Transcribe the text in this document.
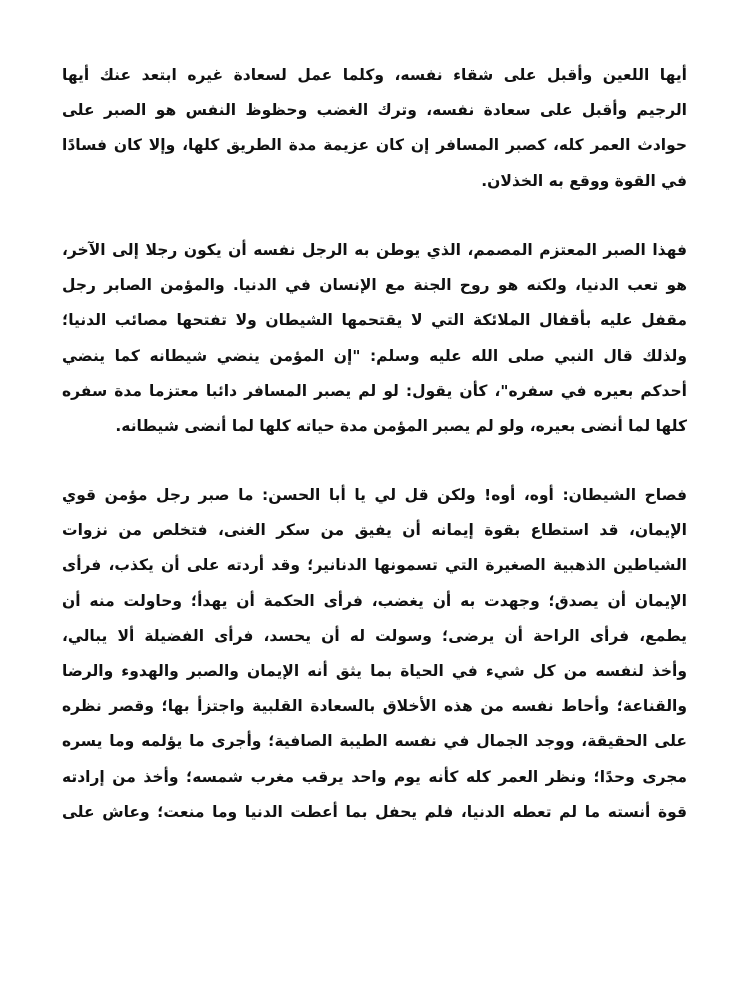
أيها اللعين وأقبل على شقاء نفسه، وكلما عمل لسعادة غيره ابتعد عنك أيها
الرجيم وأقبل على سعادة نفسه، وترك الغضب وحظوظ النفس هو الصبر على
حوادث العمر كله، كصبر المسافر إن كان عزيمة مدة الطريق كلها، وإلا كان فسادًا
في القوة ووقع به الخذلان.
فهذا الصبر المعتزم المصمم، الذي يوطن به الرجل نفسه أن يكون رجلا إلى الآخر،
هو تعب الدنيا، ولكنه هو روح الجنة مع الإنسان في الدنيا. والمؤمن الصابر رجل
مقفل عليه بأقفال الملائكة التي لا يقتحمها الشيطان ولا تفتحها مصائب الدنيا؛
ولذلك قال النبي صلى الله عليه وسلم: "إن المؤمن ينضي شيطانه كما ينضي
أحدكم بعيره في سفره"، كأن يقول: لو لم يصبر المسافر دائبا معتزما مدة سفره
كلها لما أنضى بعيره، ولو لم يصبر المؤمن مدة حياته كلها لما أنضى شيطانه.
فصاح الشيطان: أوه، أوه! ولكن قل لي يا أبا الحسن: ما صبر رجل مؤمن قوي
الإيمان، قد استطاع بقوة إيمانه أن يفيق من سكر الغنى، فتخلص من نزوات
الشياطين الذهبية الصغيرة التي تسمونها الدنانير؛ وقد أردته على أن يكذب، فرأى
الإيمان أن يصدق؛ وجهدت به أن يغضب، فرأى الحكمة أن يهدأ؛ وحاولت منه أن
يطمع، فرأى الراحة أن يرضى؛ وسولت له أن يحسد، فرأى الفضيلة ألا يبالي،
وأخذ لنفسه من كل شيء في الحياة بما يثق أنه الإيمان والصبر والهدوء والرضا
والقناعة؛ وأحاط نفسه من هذه الأخلاق بالسعادة القلبية واجتزأ بها؛ وقصر نظره
على الحقيقة، ووجد الجمال في نفسه الطيبة الصافية؛ وأجرى ما يؤلمه وما يسره
مجرى وحدًا؛ ونظر العمر كله كأنه يوم واحد يرقب مغرب شمسه؛ وأخذ من إرادته
قوة أنسته ما لم تعطه الدنيا، فلم يحفل بما أعطت الدنيا وما منعت؛ وعاش على
